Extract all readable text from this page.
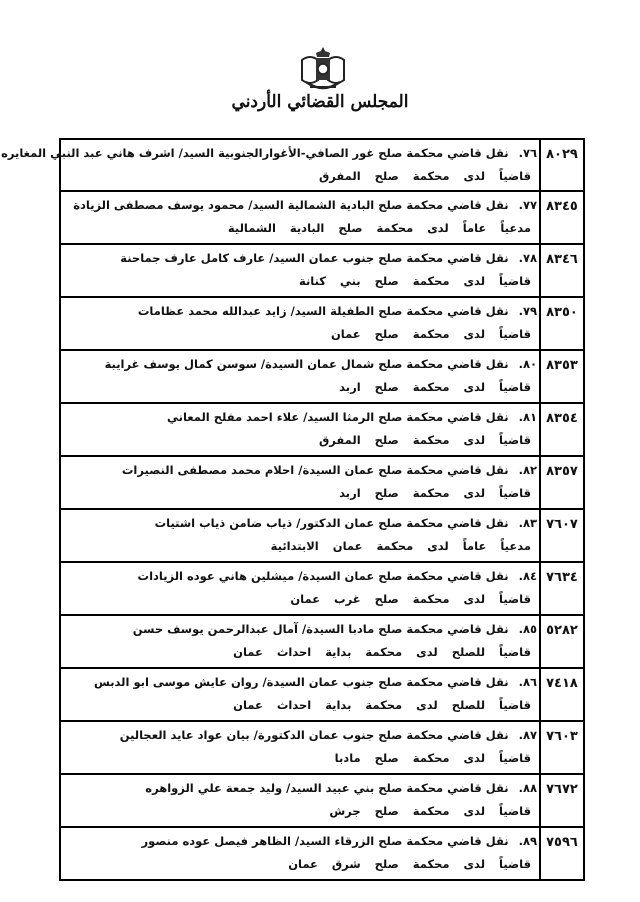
المجلس القضائي الأردني
٨٠٢٩
٧٦.نقل قاضي محكمة صلح غور الصافي-الأغوارالجنوبية السيد/ اشرف هاني عبد النبي المغايره
قاضياً لدى محكمة صلح المفرق
٨٣٤٥
٧٧.نقل قاضي محكمة صلح البادية الشمالية السيد/ محمود يوسف مصطفى الزيادة
مدعياً عاماً لدى محكمة صلح البادية الشمالية
٨٣٤٦
٧٨.نقل قاضي محكمة صلح جنوب عمان السيد/ عارف كامل عارف جماحنة
قاضياً لدى محكمة صلح بني كنانة
٨٣٥٠
٧٩.نقل قاضي محكمة صلح الطفيلة السيد/ زايد عبدالله محمد عظامات
قاضياً لدى محكمة صلح عمان
٨٣٥٣
٨٠.نقل قاضي محكمة صلح شمال عمان السيدة/ سوسن كمال يوسف غرايبة
قاضياً لدى محكمة صلح اربد
٨٣٥٤
٨١.نقل قاضي محكمة صلح الرمثا السيد/ علاء احمد مفلح المعاني
قاضياً لدى محكمة صلح المفرق
٨٣٥٧
٨٢.نقل قاضي محكمة صلح عمان السيدة/ احلام محمد مصطفى النصيرات
قاضياً لدى محكمة صلح اربد
٧٦٠٧
٨٣.نقل قاضي محكمة صلح عمان الدكتور/ ذياب ضامن ذياب اشتيات
مدعياً عاماً لدى محكمة عمان الابتدائية
٧٦٣٤
٨٤.نقل قاضي محكمة صلح عمان السيدة/ ميشلين هاني عوده الزيادات
قاضياً لدى محكمة صلح غرب عمان
٥٢٨٢
٨٥.نقل قاضي محكمة صلح مادبا السيدة/ آمال عبدالرحمن يوسف حسن
قاضياً للصلح لدى محكمة بداية احداث عمان
٧٤١٨
٨٦.نقل قاضي محكمة صلح جنوب عمان السيدة/ روان عايش موسى ابو الدبس
قاضياً للصلح لدى محكمة بداية احداث عمان
٧٦٠٣
٨٧.نقل قاضي محكمة صلح جنوب عمان الدكتورة/ بيان عواد عايد العجالين
قاضياً لدى محكمة صلح مادبا
٧٦٧٢
٨٨.نقل قاضي محكمة صلح بني عبيد السيد/ وليد جمعة علي الزواهره
قاضياً لدى محكمة صلح جرش
٧٥٩٦
٨٩.نقل قاضي محكمة صلح الزرقاء السيد/ الظاهر فيصل عوده منصور
قاضياً لدى محكمة صلح شرق عمان
